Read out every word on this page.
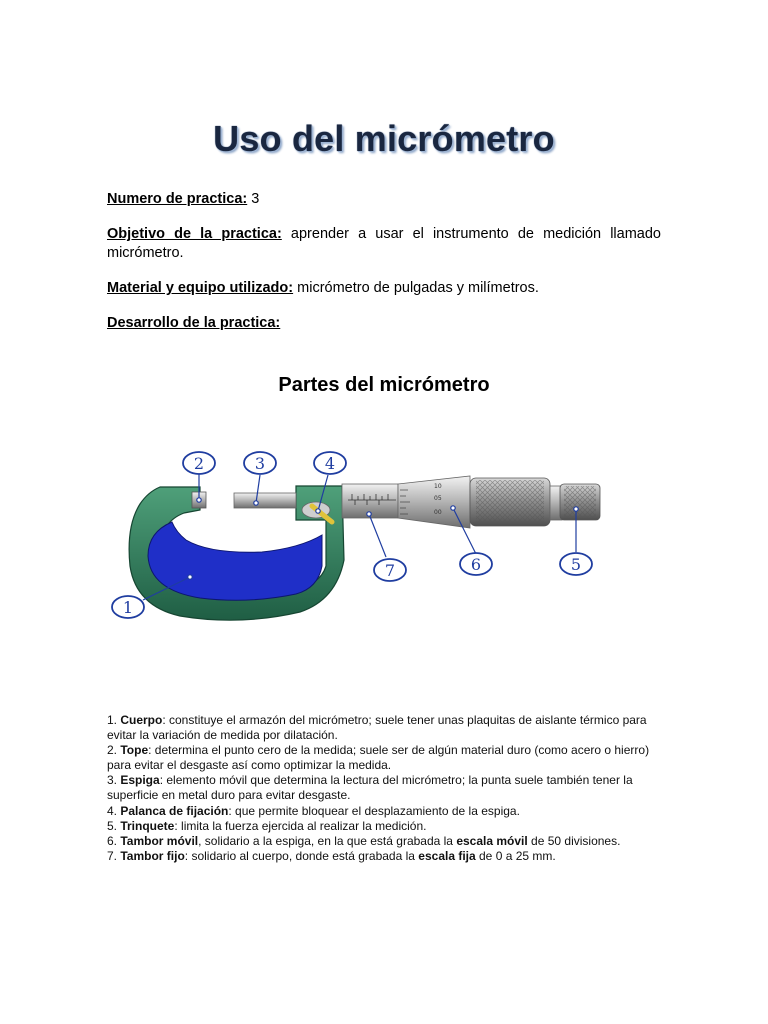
Uso del micrómetro
Numero de practica: 3
Objetivo de la practica: aprender a usar el instrumento de medición llamado micrómetro.
Material y equipo utilizado: micrómetro de pulgadas y milímetros.
Desarrollo de la practica:
Partes del micrómetro
10
05
00
1
2	3	4
5
6
7
1. Cuerpo: constituye el armazón del micrómetro; suele tener unas plaquitas de aislante térmico para evitar la variación de medida por dilatación.
2. Tope: determina el punto cero de la medida; suele ser de algún material duro (como acero o hierro) para evitar el desgaste así como optimizar la medida.
3. Espiga: elemento móvil que determina la lectura del micrómetro; la punta suele también tener la superficie en metal duro para evitar desgaste.
4. Palanca de fijación: que permite bloquear el desplazamiento de la espiga.
5. Trinquete: limita la fuerza ejercida al realizar la medición.
6. Tambor móvil, solidario a la espiga, en la que está grabada la escala móvil de 50 divisiones.
7. Tambor fijo: solidario al cuerpo, donde está grabada la escala fija de 0 a 25 mm.
